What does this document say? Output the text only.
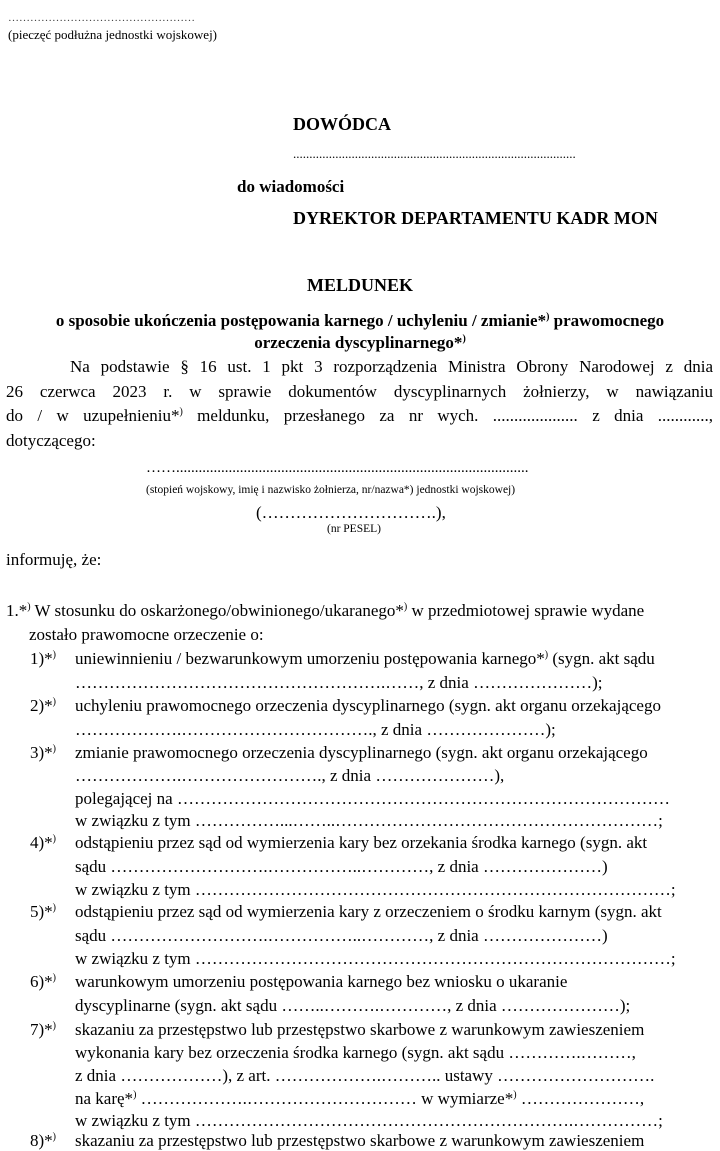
……………………………………………
(pieczęć podłużna jednostki wojskowej)
DOWÓDCA
.......................................................................................
do wiadomości
DYREKTOR DEPARTAMENTU KADR MON
MELDUNEK
o sposobie ukończenia postępowania karnego / uchyleniu / zmianie*) prawomocnego
orzeczenia dyscyplinarnego*)
Na podstawie § 16 ust. 1 pkt 3 rozporządzenia Ministra Obrony Narodowej z dnia
26 czerwca 2023 r. w sprawie dokumentów dyscyplinarnych żołnierzy, w nawiązaniu
do / w uzupełnieniu*) meldunku, przesłanego za nr wych. .................... z dnia ............,
dotyczącego:
……..............................................................................................
(stopień wojskowy, imię i nazwisko żołnierza, nr/nazwa*) jednostki wojskowej)
(………………………….),
(nr PESEL)
informuję, że:
1.*) W stosunku do oskarżonego/obwinionego/ukaranego*) w przedmiotowej sprawie wydane
zostało prawomocne orzeczenie o:
1)*) uniewinnieniu / bezwarunkowym umorzeniu postępowania karnego*) (sygn. akt sądu
……………………………………………….……, z dnia …………………);
2)*) uchyleniu prawomocnego orzeczenia dyscyplinarnego (sygn. akt organu orzekającego
……………….……………………………., z dnia …………………);
3)*) zmianie prawomocnego orzeczenia dyscyplinarnego (sygn. akt organu orzekającego
……………….……………………., z dnia …………………),
polegającej na ……………………………………………………………………………
w związku z tym ……………...……..…………………………………………………;
4)*) odstąpieniu przez sąd od wymierzenia kary bez orzekania środka karnego (sygn. akt
sądu ……………………….……………..…………, z dnia …………………)
w związku z tym …………………………………………………………………………;
5)*) odstąpieniu przez sąd od wymierzenia kary z orzeczeniem o środku karnym (sygn. akt
sądu ……………………….……………..…………, z dnia …………………)
w związku z tym …………………………………………………………………………;
6)*) warunkowym umorzeniu postępowania karnego bez wniosku o ukaranie
dyscyplinarne (sygn. akt sądu ……..……….…………, z dnia …………………);
7)*) skazaniu za przestępstwo lub przestępstwo skarbowe z warunkowym zawieszeniem
wykonania kary bez orzeczenia środka karnego (sygn. akt sądu ………….………,
z dnia ………………), z art. ……………….……….. ustawy ……………………….
na karę*) ……………….………………………… w wymiarze*) …………………,
w związku z tym ………………………………………………………….……………;
8)*) skazaniu za przestępstwo lub przestępstwo skarbowe z warunkowym zawieszeniem
